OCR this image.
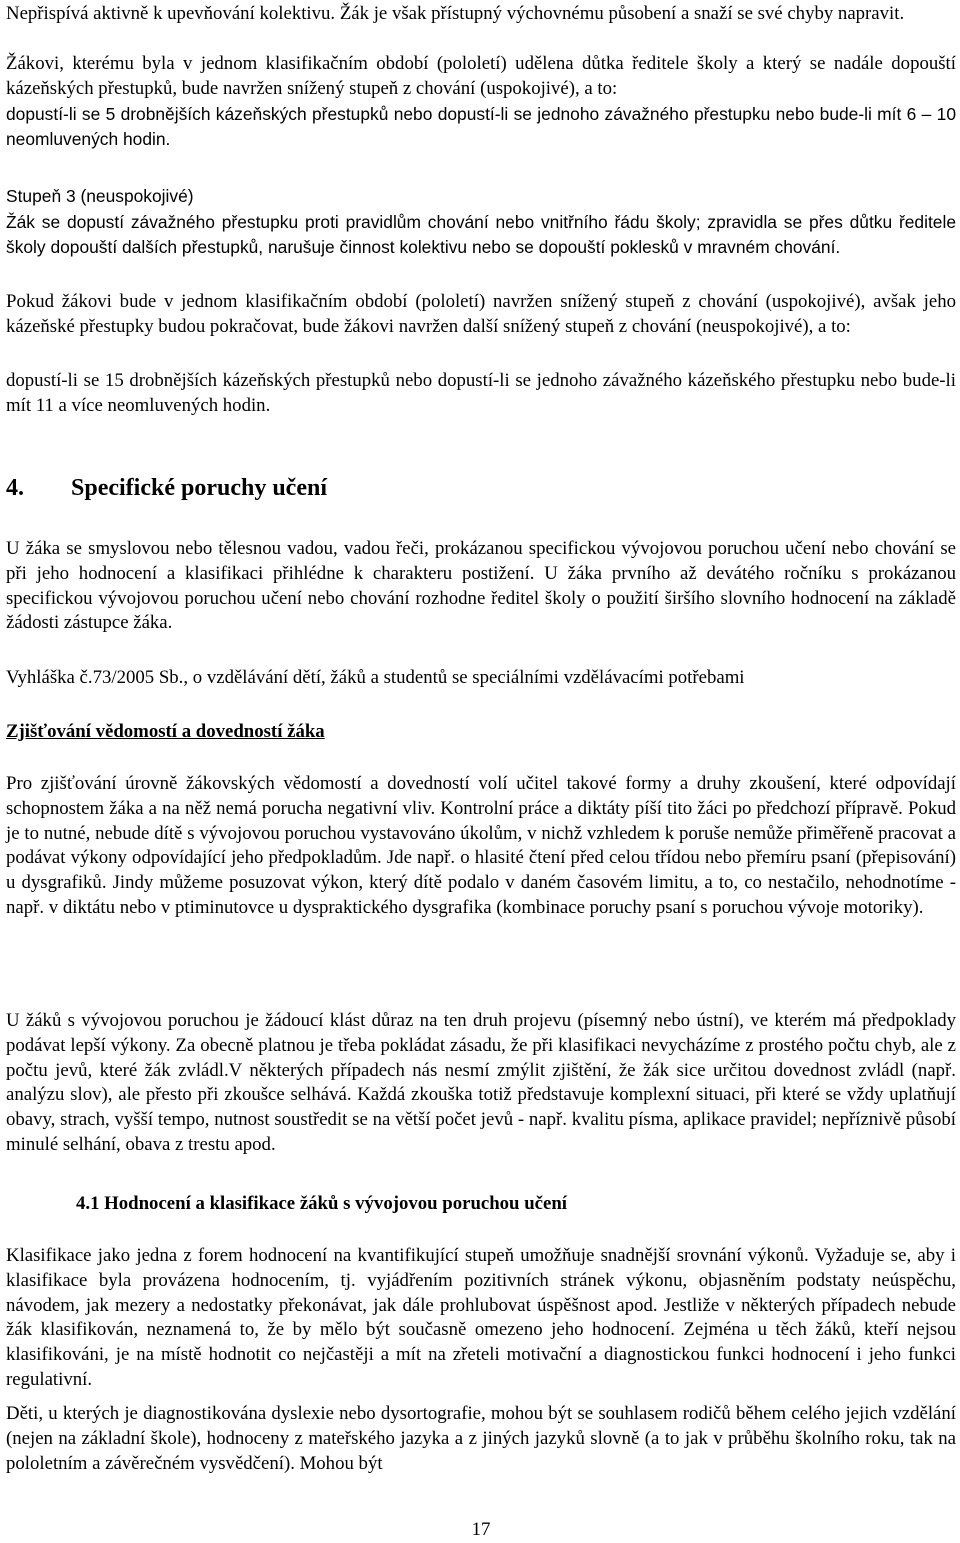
Nepřispívá aktivně k upevňování kolektivu. Žák je však přístupný výchovnému působení a snaží se své chyby napravit.

Žákovi, kterému byla v jednom klasifikačním období (pololetí) udělena důtka ředitele školy a který se nadále dopouští kázeňských přestupků, bude navržen snížený stupeň z chování (uspokojivé), a to:

dopustí-li se 5 drobnějších kázeňských přestupků nebo dopustí-li se jednoho závažného přestupku nebo bude-li mít 6 – 10 neomluvených hodin.

Stupeň 3 (neuspokojivé)

Žák se dopustí závažného přestupku proti pravidlům chování nebo vnitřního řádu školy; zpravidla se přes důtku ředitele školy dopouští dalších přestupků, narušuje činnost kolektivu nebo se dopouští poklesků v mravném chování.

Pokud žákovi bude v jednom klasifikačním období (pololetí) navržen snížený stupeň z chování (uspokojivé), avšak jeho kázeňské přestupky budou pokračovat, bude žákovi navržen další snížený stupeň z chování (neuspokojivé), a to:

dopustí-li se 15 drobnějších kázeňských přestupků nebo dopustí-li se jednoho závažného kázeňského přestupku nebo bude-li mít 11 a více neomluvených hodin.

4. Specifické poruchy učení

U žáka se smyslovou nebo tělesnou vadou, vadou řeči, prokázanou specifickou vývojovou poruchou učení nebo chování se při jeho hodnocení a klasifikaci přihlédne k charakteru postižení. U žáka prvního až devátého ročníku s prokázanou specifickou vývojovou poruchou učení nebo chování rozhodne ředitel školy o použití širšího slovního hodnocení na základě žádosti zástupce žáka.

Vyhláška č.73/2005 Sb., o vzdělávání dětí, žáků a studentů se speciálními vzdělávacími potřebami

Zjišťování vědomostí a dovedností žáka

Pro zjišťování úrovně žákovských vědomostí a dovedností volí učitel takové formy a druhy zkoušení, které odpovídají schopnostem žáka a na něž nemá porucha negativní vliv. Kontrolní práce a diktáty píší tito žáci po předchozí přípravě. Pokud je to nutné, nebude dítě s vývojovou poruchou vystavováno úkolům, v nichž vzhledem k poruše nemůže přiměřeně pracovat a podávat výkony odpovídající jeho předpokladům. Jde např. o hlasité čtení před celou třídou nebo přemíru psaní (přepisování) u dysgrafiků. Jindy můžeme posuzovat výkon, který dítě podalo v daném časovém limitu, a to, co nestačilo, nehodnotíme - např. v diktátu nebo v ptiminutovce u dyspraktického dysgrafika (kombinace poruchy psaní s poruchou vývoje motoriky).

U žáků s vývojovou poruchou je žádoucí klást důraz na ten druh projevu (písemný nebo ústní), ve kterém má předpoklady podávat lepší výkony. Za obecně platnou je třeba pokládat zásadu, že při klasifikaci nevycházíme z prostého počtu chyb, ale z počtu jevů, které žák zvládl.V některých případech nás nesmí zmýlit zjištění, že žák sice určitou dovednost zvládl (např. analýzu slov), ale přesto při zkoušce selhává. Každá zkouška totiž představuje komplexní situaci, při které se vždy uplatňují obavy, strach, vyšší tempo, nutnost soustředit se na větší počet jevů - např. kvalitu písma, aplikace pravidel; nepříznivě působí minulé selhání, obava z trestu apod.

4.1 Hodnocení a klasifikace žáků s vývojovou poruchou učení

Klasifikace jako jedna z forem hodnocení na kvantifikující stupeň umožňuje snadnější srovnání výkonů. Vyžaduje se, aby i klasifikace byla provázena hodnocením, tj. vyjádřením pozitivních stránek výkonu, objasněním podstaty neúspěchu, návodem, jak mezery a nedostatky překonávat, jak dále prohlubovat úspěšnost apod. Jestliže v některých případech nebude žák klasifikován, neznamená to, že by mělo být současně omezeno jeho hodnocení. Zejména u těch žáků, kteří nejsou klasifikováni, je na místě hodnotit co nejčastěji a mít na zřeteli motivační a diagnostickou funkci hodnocení i jeho funkci regulativní.

Děti, u kterých je diagnostikována dyslexie nebo dysortografie, mohou být se souhlasem rodičů během celého jejich vzdělání (nejen na základní škole), hodnoceny z mateřského jazyka a z jiných jazyků slovně (a to jak v průběhu školního roku, tak na pololetním a závěrečném vysvědčení). Mohou být

17
